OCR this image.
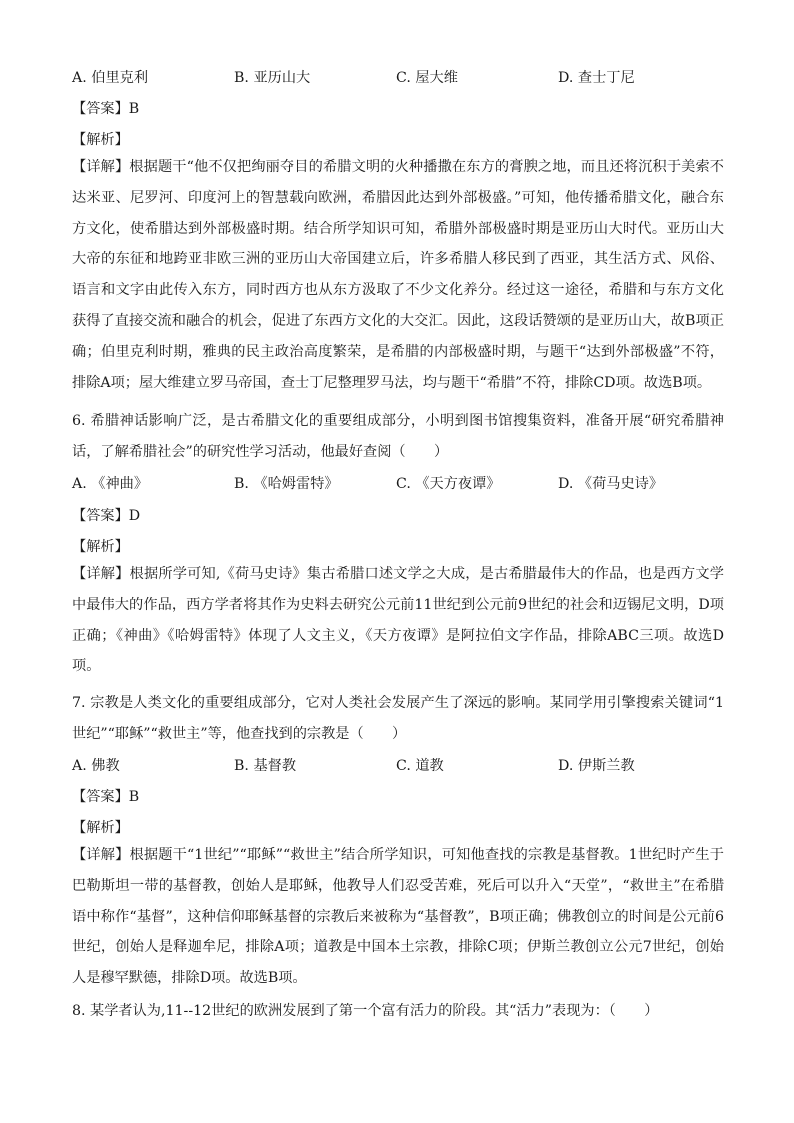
A. 伯里克利	B. 亚历山大	C. 屋大维	D. 查士丁尼
【答案】B
【解析】
【详解】根据题干“他不仅把绚丽夺目的希腊文明的火种播撒在东方的膏腴之地，而且还将沉积于美索不达米亚、尼罗河、印度河上的智慧载向欧洲，希腊因此达到外部极盛。”可知，他传播希腊文化，融合东方文化，使希腊达到外部极盛时期。结合所学知识可知，希腊外部极盛时期是亚历山大时代。亚历山大大帝的东征和地跨亚非欧三洲的亚历山大帝国建立后，许多希腊人移民到了西亚，其生活方式、风俗、语言和文字由此传入东方，同时西方也从东方汲取了不少文化养分。经过这一途径，希腊和与东方文化获得了直接交流和融合的机会，促进了东西方文化的大交汇。因此，这段话赞颂的是亚历山大，故B项正确；伯里克利时期，雅典的民主政治高度繁荣，是希腊的内部极盛时期，与题干“达到外部极盛”不符，排除A项；屋大维建立罗马帝国，查士丁尼整理罗马法，均与题干“希腊”不符，排除CD项。故选B项。
6. 希腊神话影响广泛，是古希腊文化的重要组成部分，小明到图书馆搜集资料，准备开展“研究希腊神话，了解希腊社会”的研究性学习活动，他最好查阅（　　）
A. 《神曲》	B. 《哈姆雷特》	C. 《天方夜谭》	D. 《荷马史诗》
【答案】D
【解析】
【详解】根据所学可知,《荷马史诗》集古希腊口述文学之大成，是古希腊最伟大的作品，也是西方文学中最伟大的作品，西方学者将其作为史料去研究公元前11世纪到公元前9世纪的社会和迈锡尼文明，D项正确；《神曲》《哈姆雷特》体现了人文主义，《天方夜谭》是阿拉伯文字作品，排除ABC三项。故选D项。
7. 宗教是人类文化的重要组成部分，它对人类社会发展产生了深远的影响。某同学用引擎搜索关键词“1世纪”“耶稣”“救世主”等，他查找到的宗教是（　　）
A. 佛教	B. 基督教	C. 道教	D. 伊斯兰教
【答案】B
【解析】
【详解】根据题干“1世纪”“耶稣”“救世主”结合所学知识，可知他查找的宗教是基督教。1世纪时产生于巴勒斯坦一带的基督教，创始人是耶稣，他教导人们忍受苦难，死后可以升入“天堂”，“救世主”在希腊语中称作“基督”，这种信仰耶稣基督的宗教后来被称为“基督教”，B项正确；佛教创立的时间是公元前6世纪，创始人是释迦牟尼，排除A项；道教是中国本土宗教，排除C项；伊斯兰教创立公元7世纪，创始人是穆罕默德，排除D项。故选B项。
8. 某学者认为,11--12世纪的欧洲发展到了第一个富有活力的阶段。其“活力”表现为：（　　）
